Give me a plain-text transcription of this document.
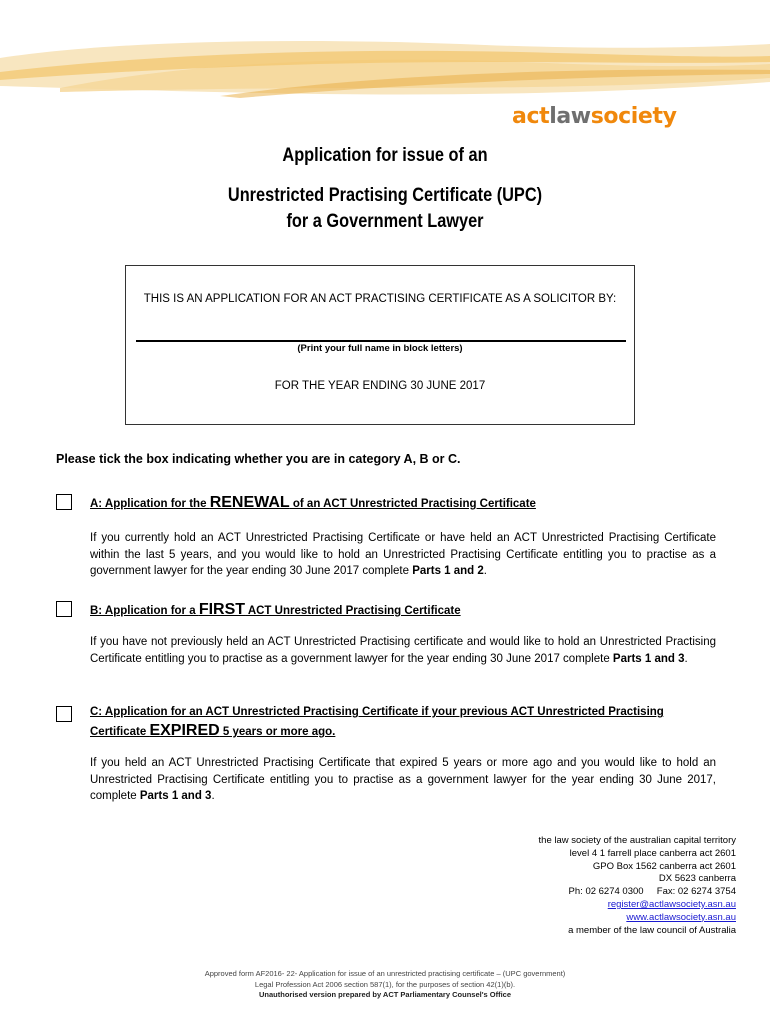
actlawsociety
Application for issue of an
Unrestricted Practising Certificate (UPC)
for a Government Lawyer
THIS IS AN APPLICATION FOR AN ACT PRACTISING CERTIFICATE AS A SOLICITOR BY:
(Print your full name in block letters)
FOR THE YEAR ENDING 30 JUNE 2017
Please tick the box indicating whether you are in category A, B or C.
A: Application for the RENEWAL of an ACT Unrestricted Practising Certificate
If you currently hold an ACT Unrestricted Practising Certificate or have held an ACT Unrestricted Practising Certificate within the last 5 years, and you would like to hold an Unrestricted Practising Certificate entitling you to practise as a government lawyer for the year ending 30 June 2017 complete Parts 1 and 2.
B: Application for a FIRST ACT Unrestricted Practising Certificate
If you have not previously held an ACT Unrestricted Practising certificate and would like to hold an Unrestricted Practising Certificate entitling you to practise as a government lawyer for the year ending 30 June 2017 complete Parts 1 and 3.
C: Application for an ACT Unrestricted Practising Certificate if your previous ACT Unrestricted Practising
Certificate EXPIRED 5 years or more ago.
If you held an ACT Unrestricted Practising Certificate that expired 5 years or more ago and you would like to hold an Unrestricted Practising Certificate entitling you to practise as a government lawyer for the year ending 30 June 2017, complete Parts 1 and 3.
the law society of the australian capital territory
level 4 1 farrell place canberra act 2601
GPO Box 1562 canberra act 2601
DX 5623 canberra
Ph: 02 6274 0300 Fax: 02 6274 3754
register@actlawsociety.asn.au
www.actlawsociety.asn.au
a member of the law council of Australia
Approved form AF2016- 22- Application for issue of an unrestricted practising certificate – (UPC government)
Legal Profession Act 2006 section 587(1), for the purposes of section 42(1)(b).
Unauthorised version prepared by ACT Parliamentary Counsel's Office
